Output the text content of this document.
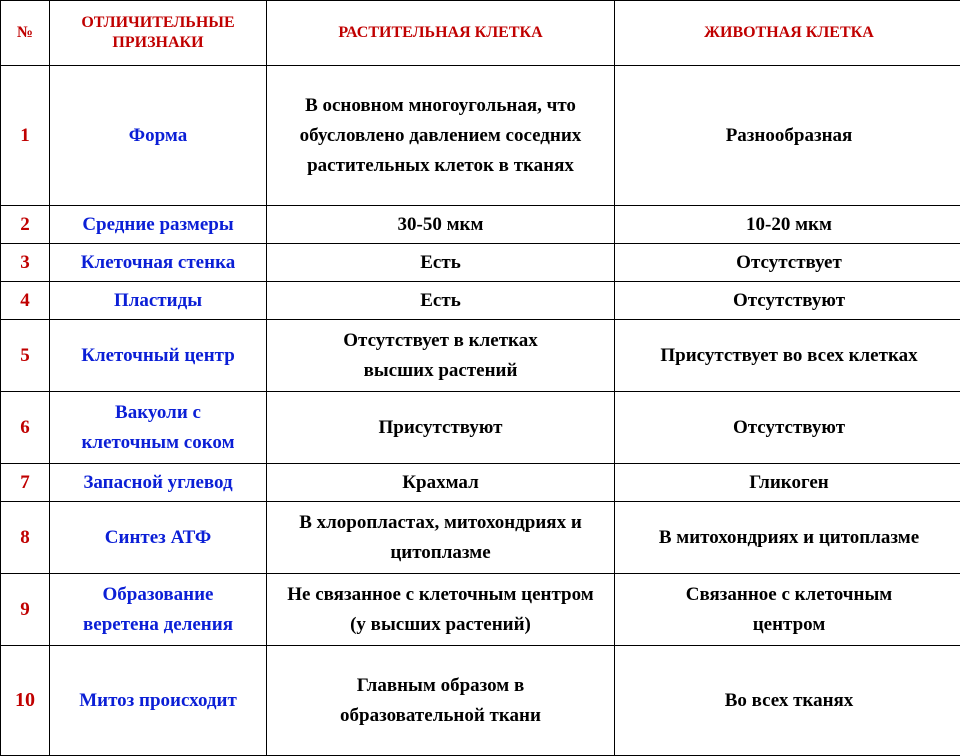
№	ОТЛИЧИТЕЛЬНЫЕ ПРИЗНАКИ	РАСТИТЕЛЬНАЯ КЛЕТКА	ЖИВОТНАЯ КЛЕТКА
1	Форма	В основном многоугольная, что обусловлено давлением соседних растительных клеток в тканях	Разнообразная
2	Средние размеры	30-50 мкм	10-20 мкм
3	Клеточная стенка	Есть	Отсутствует
4	Пластиды	Есть	Отсутствуют
5	Клеточный центр	Отсутствует в клетках высших растений	Присутствует во всех клетках
6	Вакуоли с клеточным соком	Присутствуют	Отсутствуют
7	Запасной углевод	Крахмал	Гликоген
8	Синтез АТФ	В хлоропластах, митохондриях и цитоплазме	В митохондриях и цитоплазме
9	Образование веретена деления	Не связанное с клеточным центром (у высших растений)	Связанное с клеточным центром
10	Митоз происходит	Главным образом в образовательной ткани	Во всех тканях
